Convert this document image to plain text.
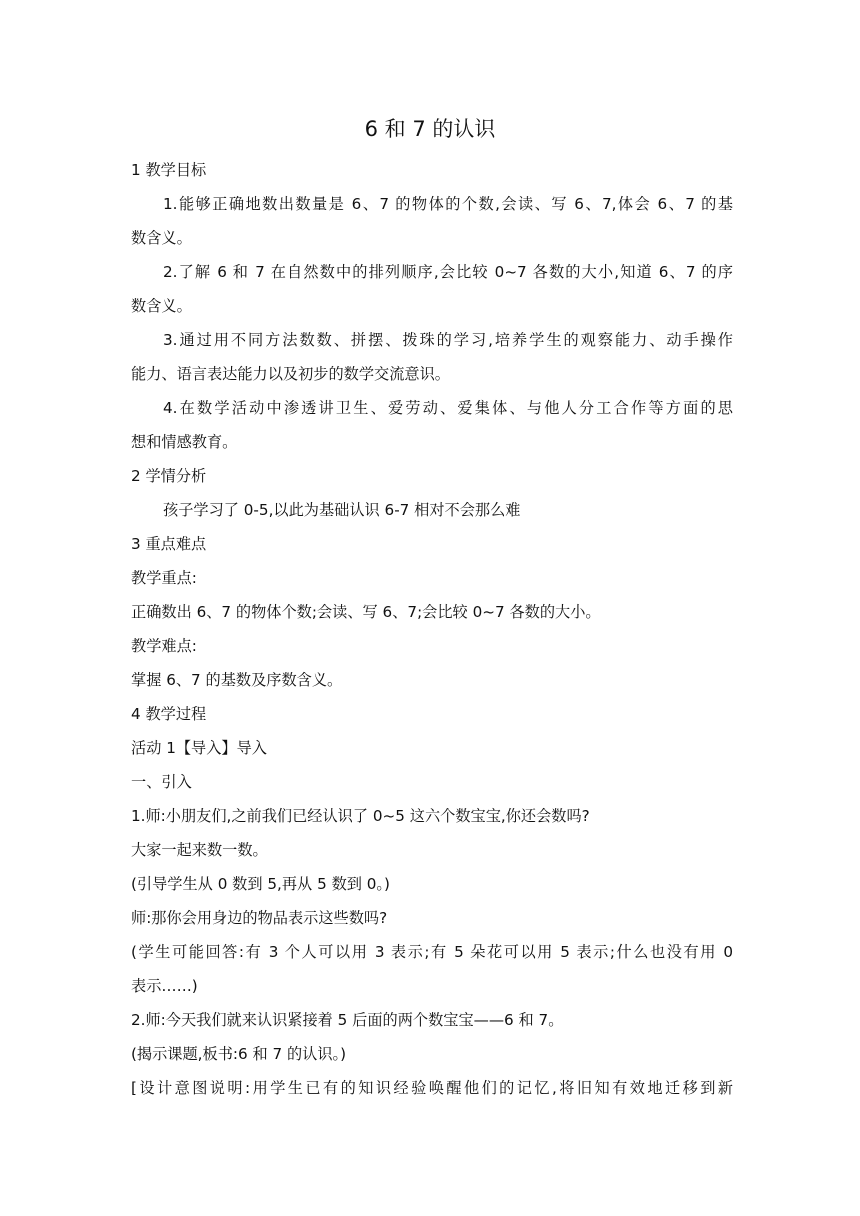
6 和 7 的认识
1 教学目标
1.能够正确地数出数量是 6、7 的物体的个数,会读、写 6、7,体会 6、7 的基
数含义。
2.了解 6 和 7 在自然数中的排列顺序,会比较 0~7 各数的大小,知道 6、7 的序
数含义。
3.通过用不同方法数数、拼摆、拨珠的学习,培养学生的观察能力、动手操作
能力、语言表达能力以及初步的数学交流意识。
4.在数学活动中渗透讲卫生、爱劳动、爱集体、与他人分工合作等方面的思
想和情感教育。
2 学情分析
孩子学习了 0-5,以此为基础认识 6-7 相对不会那么难
3 重点难点
教学重点:
正确数出 6、7 的物体个数;会读、写 6、7;会比较 0~7 各数的大小。
教学难点:
掌握 6、7 的基数及序数含义。
4 教学过程
活动 1【导入】导入
一、引入
1.师:小朋友们,之前我们已经认识了 0~5 这六个数宝宝,你还会数吗?
大家一起来数一数。
(引导学生从 0 数到 5,再从 5 数到 0。)
师:那你会用身边的物品表示这些数吗?
(学生可能回答:有 3 个人可以用 3 表示;有 5 朵花可以用 5 表示;什么也没有用 0
表示……)
2.师:今天我们就来认识紧接着 5 后面的两个数宝宝——6 和 7。
(揭示课题,板书:6 和 7 的认识。)
[设计意图说明:用学生已有的知识经验唤醒他们的记忆,将旧知有效地迁移到新
